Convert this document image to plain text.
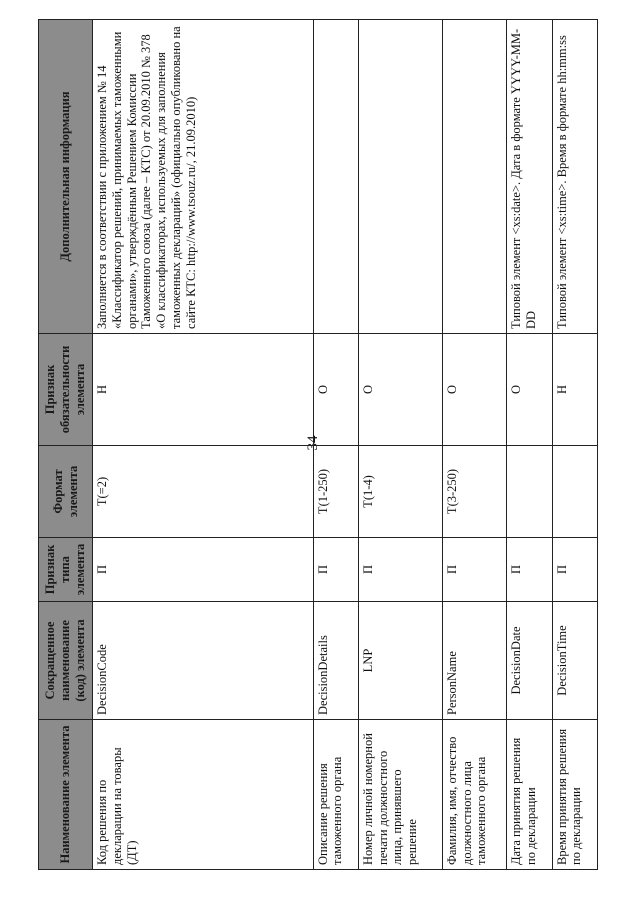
34
Наименование элемента	Сокращенное наименование (код) элемента	Признак типа элемента	Формат элемента	Признак обязательности элемента	Дополнительная информация
Код решения по декларации на товары (ДТ)	DecisionCode	П	T(=2)	Н	Заполняется в соответствии с приложением № 14 «Классификатор решений, принимаемых таможенными органами», утверждённым Решением Комиссии Таможенного союза (далее – КТС) от 20.09.2010 № 378 «О классификаторах, используемых для заполнения таможенных деклараций» (официально опубликовано на сайте КТС: http://www.tsouz.ru/, 21.09.2010)
Описание решения таможенного органа	DecisionDetails	П	T(1-250)	О	
Номер личной номерной печати должностного лица, принявшего решение	LNP	П	T(1-4)	О	
Фамилия, имя, отчество должностного лица таможенного органа	PersonName	П	T(3-250)	О	
Дата принятия решения по декларации	DecisionDate	П		О	Типовой элемент <xs:date>. Дата в формате YYYY-MM-DD
Время принятия решения по декларации	DecisionTime	П		Н	Типовой элемент <xs:time>. Время в формате hh:mm:ss
